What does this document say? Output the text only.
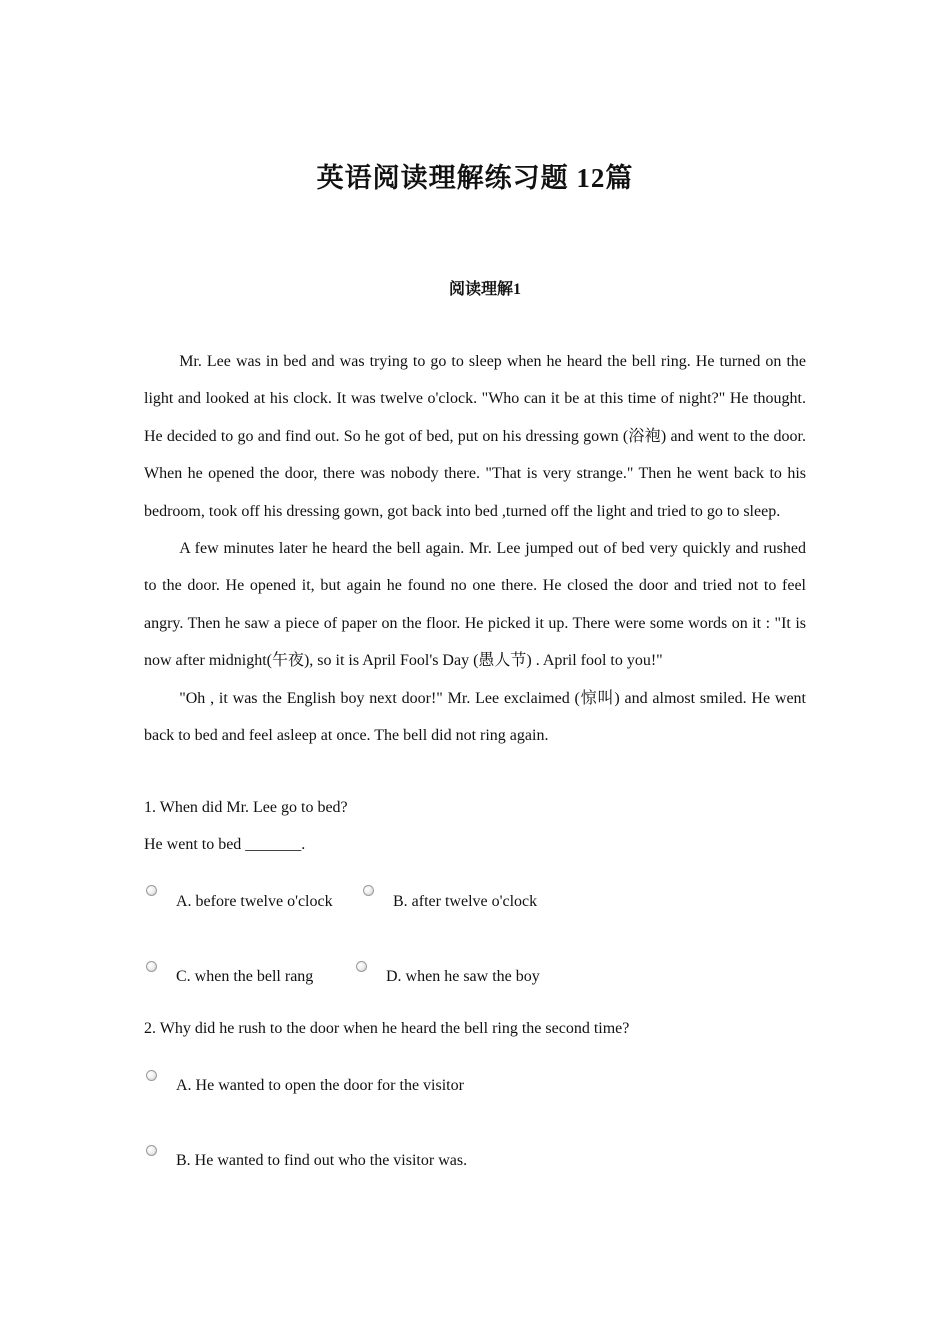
英语阅读理解练习题 12篇
阅读理解1

Mr. Lee was in bed and was trying to go to sleep when he heard the bell ring. He turned on the light and looked at his clock. It was twelve o'clock. "Who can it be at this time of night?" He thought. He decided to go and find out. So he got of bed, put on his dressing gown (浴袍) and went to the door. When he opened the door, there was nobody there. "That is very strange." Then he went back to his bedroom, took off his dressing gown, got back into bed ,turned off the light and tried to go to sleep.

A few minutes later he heard the bell again. Mr. Lee jumped out of bed very quickly and rushed to the door. He opened it, but again he found no one there. He closed the door and tried not to feel angry. Then he saw a piece of paper on the floor. He picked it up. There were some words on it : "It is now after midnight(午夜), so it is April Fool's Day (愚人节) . April fool to you!"

"Oh , it was the English boy next door!" Mr. Lee exclaimed (惊叫) and almost smiled. He went back to bed and feel asleep at once. The bell did not ring again.

1. When did Mr. Lee go to bed?
He went to bed _______.
A. before twelve o'clock	B. after twelve o'clock
C. when the bell rang	D. when he saw the boy
2. Why did he rush to the door when he heard the bell ring the second time?
A. He wanted to open the door for the visitor
B. He wanted to find out who the visitor was.
